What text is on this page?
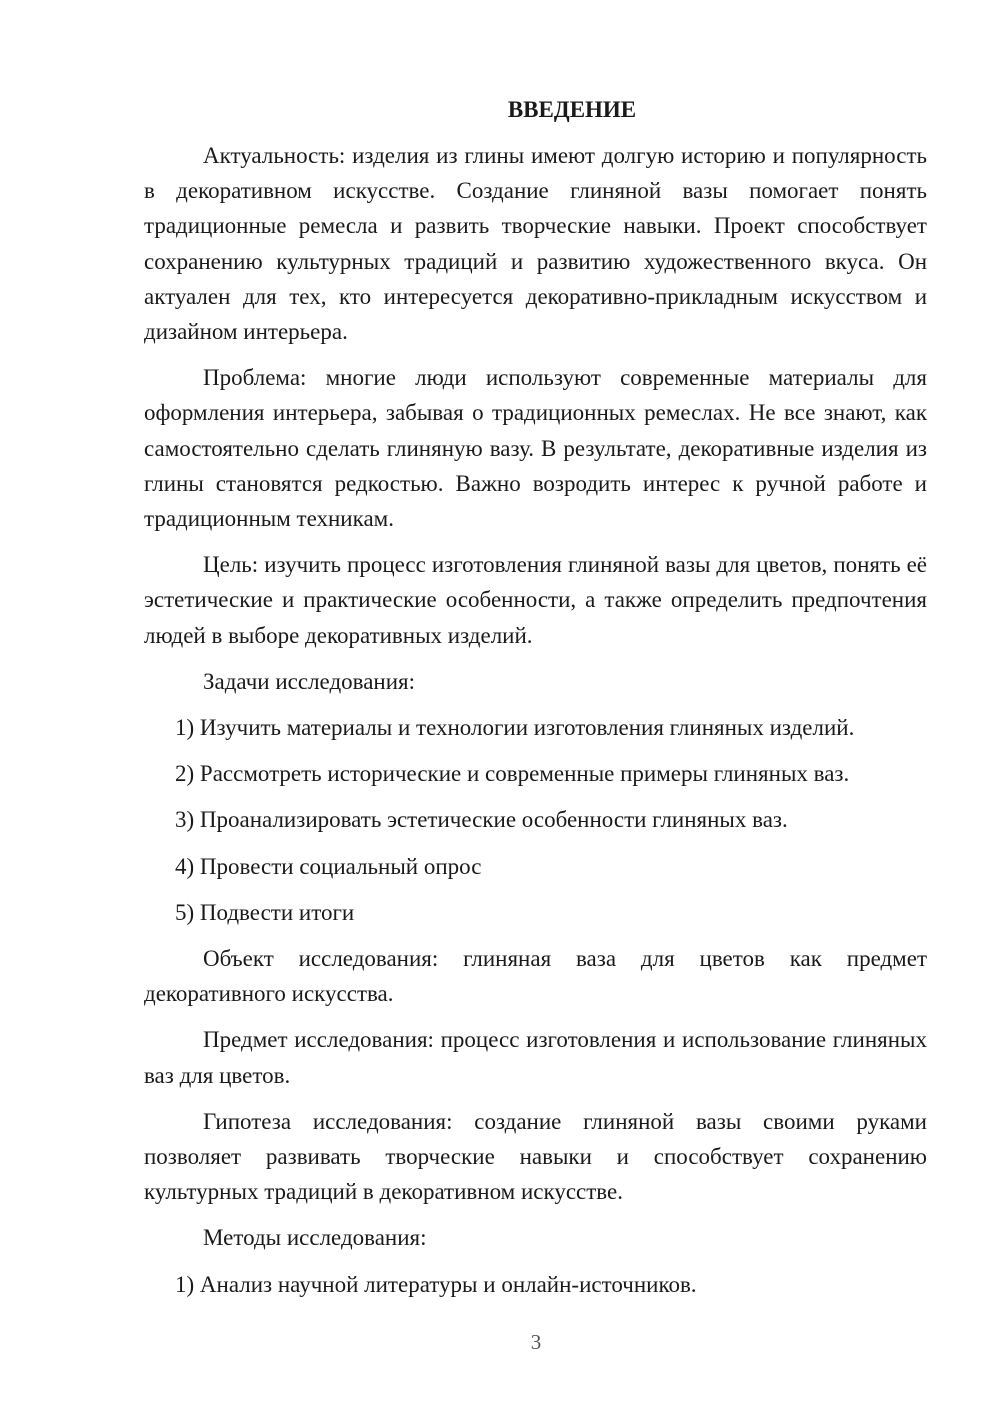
ВВЕДЕНИЕ

Актуальность: изделия из глины имеют долгую историю и популярность в декоративном искусстве. Создание глиняной вазы помогает понять традиционные ремесла и развить творческие навыки. Проект способствует сохранению культурных традиций и развитию художественного вкуса. Он актуален для тех, кто интересуется декоративно-прикладным искусством и дизайном интерьера.

Проблема: многие люди используют современные материалы для оформления интерьера, забывая о традиционных ремеслах. Не все знают, как самостоятельно сделать глиняную вазу. В результате, декоративные изделия из глины становятся редкостью. Важно возродить интерес к ручной работе и традиционным техникам.

Цель: изучить процесс изготовления глиняной вазы для цветов, понять её эстетические и практические особенности, а также определить предпочтения людей в выборе декоративных изделий.

Задачи исследования:

1) Изучить материалы и технологии изготовления глиняных изделий.

2) Рассмотреть исторические и современные примеры глиняных ваз.

3) Проанализировать эстетические особенности глиняных ваз.

4) Провести социальный опрос

5) Подвести итоги

Объект исследования: глиняная ваза для цветов как предмет декоративного искусства.

Предмет исследования: процесс изготовления и использование глиняных ваз для цветов.

Гипотеза исследования: создание глиняной вазы своими руками позволяет развивать творческие навыки и способствует сохранению культурных традиций в декоративном искусстве.

Методы исследования:

1) Анализ научной литературы и онлайн-источников.

3
